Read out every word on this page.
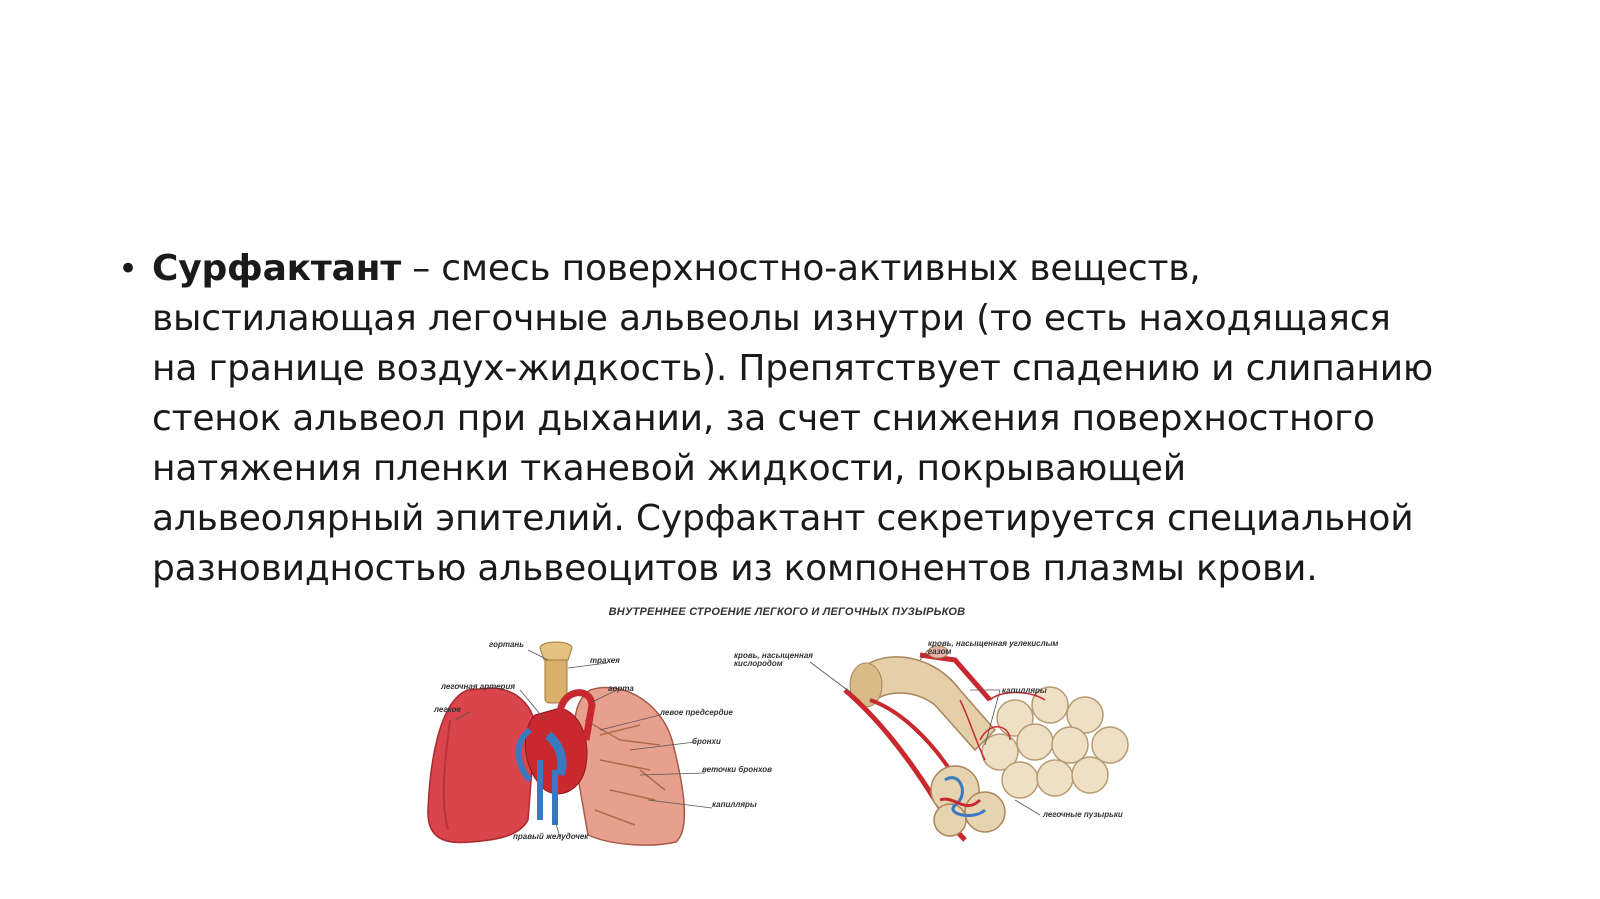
• Сурфактант – смесь поверхностно-активных веществ,
выстилающая легочные альвеолы изнутри (то есть находящаяся
на границе воздух-жидкость). Препятствует спадению и слипанию
стенок альвеол при дыхании, за счет снижения поверхностного
натяжения пленки тканевой жидкости, покрывающей
альвеолярный эпителий. Сурфактант секретируется специальной
разновидностью альвеоцитов из компонентов плазмы крови.
ВНУТРЕННЕЕ СТРОЕНИЕ ЛЕГКОГО И ЛЕГОЧНЫХ ПУЗЫРЬКОВ
гортань
трахея
легочная артерия	аорта
легкое	левое предсердие
бронхи
веточки бронхов
капилляры
правый желудочек
кровь, насыщенная кислородом
кровь, насыщенная углекислым газом
капилляры
легочные пузырьки
